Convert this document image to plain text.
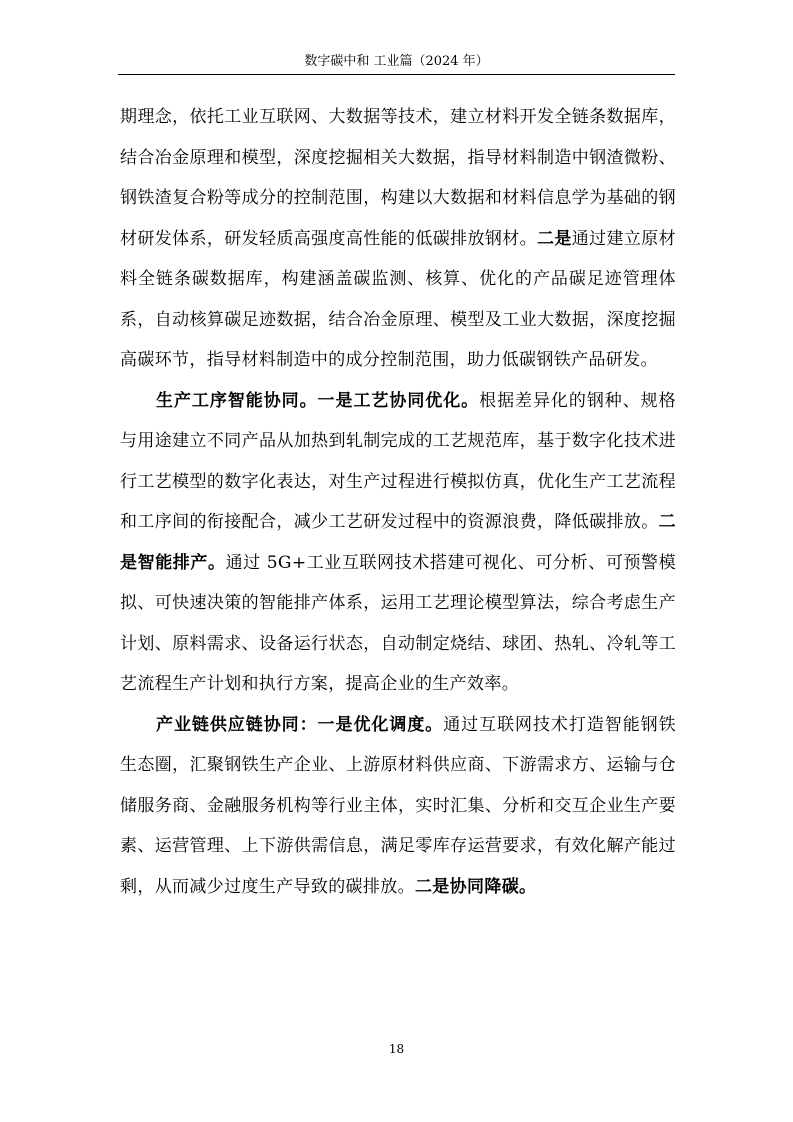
数字碳中和 工业篇（2024 年）

期理念，依托工业互联网、大数据等技术，建立材料开发全链条数据库，结合冶金原理和模型，深度挖掘相关大数据，指导材料制造中钢渣微粉、钢铁渣复合粉等成分的控制范围，构建以大数据和材料信息学为基础的钢材研发体系，研发轻质高强度高性能的低碳排放钢材。二是通过建立原材料全链条碳数据库，构建涵盖碳监测、核算、优化的产品碳足迹管理体系，自动核算碳足迹数据，结合冶金原理、模型及工业大数据，深度挖掘高碳环节，指导材料制造中的成分控制范围，助力低碳钢铁产品研发。

生产工序智能协同。一是工艺协同优化。根据差异化的钢种、规格与用途建立不同产品从加热到轧制完成的工艺规范库，基于数字化技术进行工艺模型的数字化表达，对生产过程进行模拟仿真，优化生产工艺流程和工序间的衔接配合，减少工艺研发过程中的资源浪费，降低碳排放。二是智能排产。通过 5G+工业互联网技术搭建可视化、可分析、可预警模拟、可快速决策的智能排产体系，运用工艺理论模型算法，综合考虑生产计划、原料需求、设备运行状态，自动制定烧结、球团、热轧、冷轧等工艺流程生产计划和执行方案，提高企业的生产效率。

产业链供应链协同：一是优化调度。通过互联网技术打造智能钢铁生态圈，汇聚钢铁生产企业、上游原材料供应商、下游需求方、运输与仓储服务商、金融服务机构等行业主体，实时汇集、分析和交互企业生产要素、运营管理、上下游供需信息，满足零库存运营要求，有效化解产能过剩，从而减少过度生产导致的碳排放。二是协同降碳。

18
